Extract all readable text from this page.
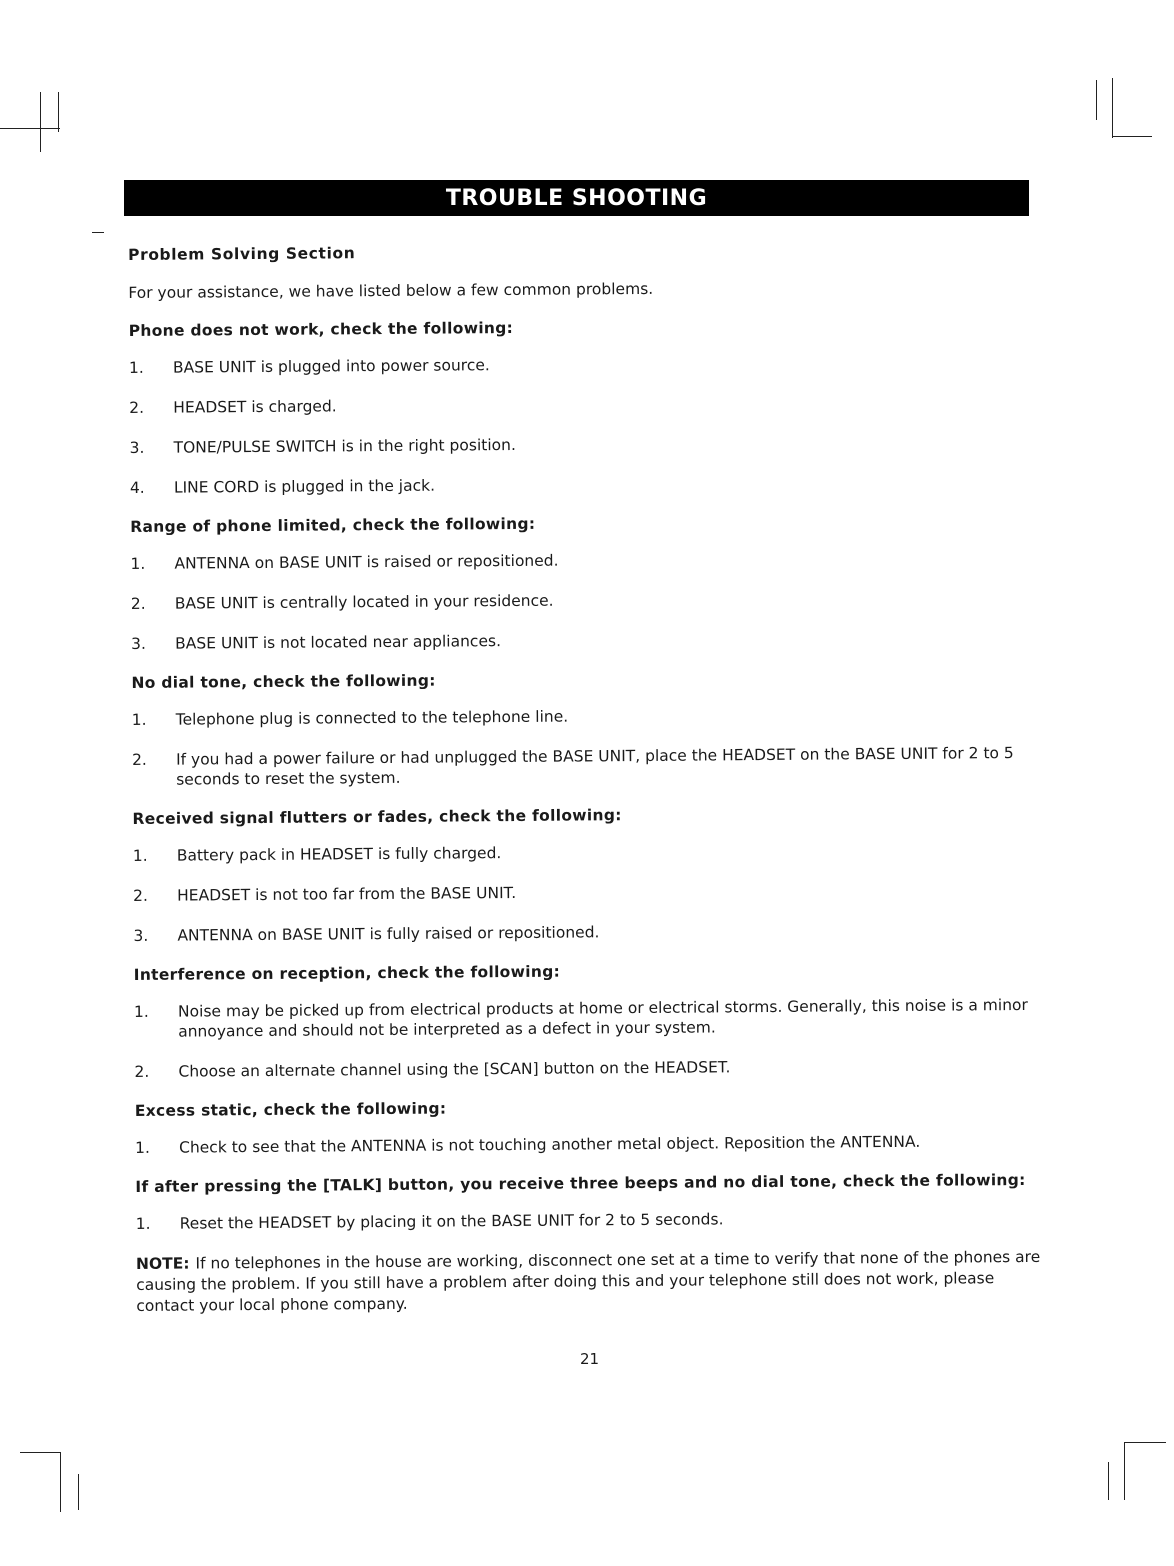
TROUBLE SHOOTING
Problem Solving Section
For your assistance, we have listed below a few common problems.
Phone does not work, check the following:
1.	BASE UNIT is plugged into power source.
2.	HEADSET is charged.
3.	TONE/PULSE SWITCH is in the right position.
4.	LINE CORD is plugged in the jack.
Range of phone limited, check the following:
1.	ANTENNA on BASE UNIT is raised or repositioned.
2.	BASE UNIT is centrally located in your residence.
3.	BASE UNIT is not located near appliances.
No dial tone, check the following:
1.	Telephone plug is connected to the telephone line.
2.	If you had a power failure or had unplugged the BASE UNIT, place the HEADSET on the BASE UNIT for 2 to 5 seconds to reset the system.
Received signal flutters or fades, check the following:
1.	Battery pack in HEADSET is fully charged.
2.	HEADSET is not too far from the BASE UNIT.
3.	ANTENNA on BASE UNIT is fully raised or repositioned.
Interference on reception, check the following:
1.	Noise may be picked up from electrical products at home or electrical storms. Generally, this noise is a minor annoyance and should not be interpreted as a defect in your system.
2.	Choose an alternate channel using the [SCAN] button on the HEADSET.
Excess static, check the following:
1.	Check to see that the ANTENNA is not touching another metal object. Reposition the ANTENNA.
If after pressing the [TALK] button, you receive three beeps and no dial tone, check the following:
1.	Reset the HEADSET by placing it on the BASE UNIT for 2 to 5 seconds.

NOTE: If no telephones in the house are working, disconnect one set at a time to verify that none of the phones are causing the problem. If you still have a problem after doing this and your telephone still does not work, please contact your local phone company.

21
